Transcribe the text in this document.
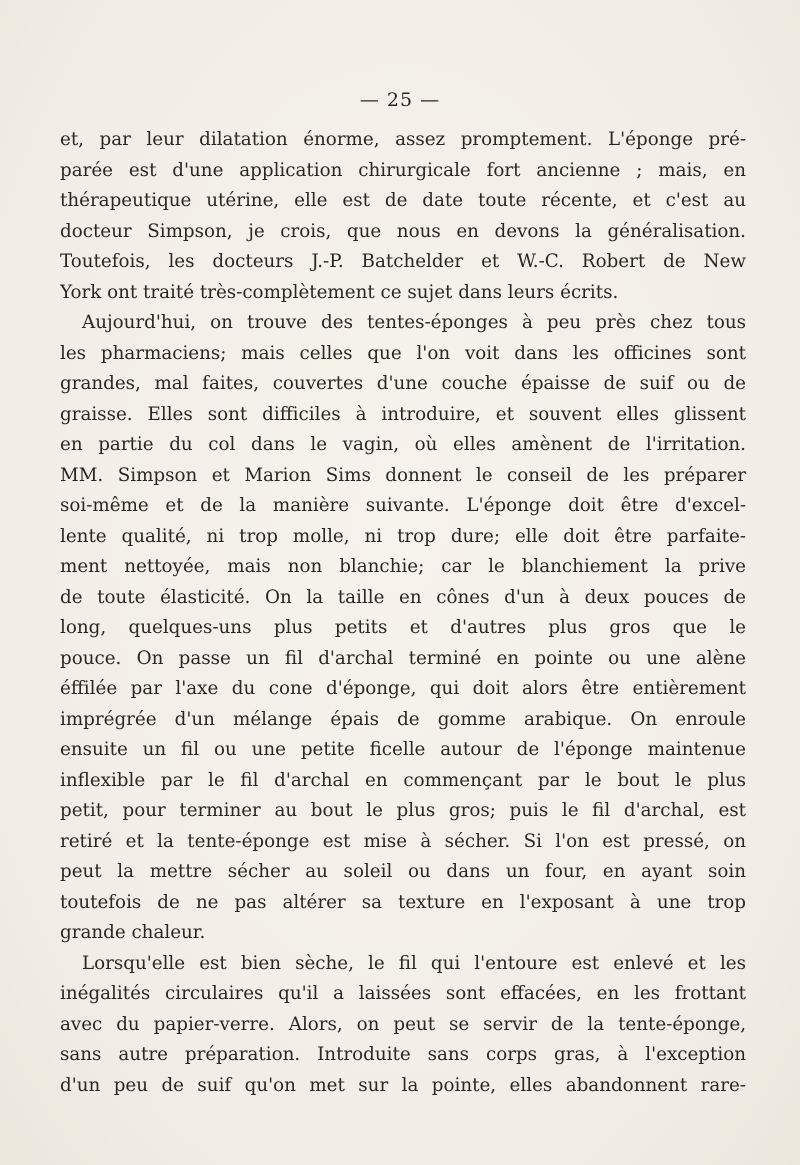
— 25 —
et, par leur dilatation énorme, assez promptement. L'éponge pré-
parée est d'une application chirurgicale fort ancienne ; mais, en
thérapeutique utérine, elle est de date toute récente, et c'est au
docteur Simpson, je crois, que nous en devons la généralisation.
Toutefois, les docteurs J.-P. Batchelder et W.-C. Robert de New
York ont traité très-complètement ce sujet dans leurs écrits.
Aujourd'hui, on trouve des tentes-éponges à peu près chez tous
les pharmaciens; mais celles que l'on voit dans les officines sont
grandes, mal faites, couvertes d'une couche épaisse de suif ou de
graisse. Elles sont difficiles à introduire, et souvent elles glissent
en partie du col dans le vagin, où elles amènent de l'irritation.
MM. Simpson et Marion Sims donnent le conseil de les préparer
soi-même et de la manière suivante. L'éponge doit être d'excel-
lente qualité, ni trop molle, ni trop dure; elle doit être parfaite-
ment nettoyée, mais non blanchie; car le blanchiement la prive
de toute élasticité. On la taille en cônes d'un à deux pouces de
long, quelques-uns plus petits et d'autres plus gros que le
pouce. On passe un fil d'archal terminé en pointe ou une alène
éffilée par l'axe du cone d'éponge, qui doit alors être entièrement
imprégrée d'un mélange épais de gomme arabique. On enroule
ensuite un fil ou une petite ficelle autour de l'éponge maintenue
inflexible par le fil d'archal en commençant par le bout le plus
petit, pour terminer au bout le plus gros; puis le fil d'archal, est
retiré et la tente-éponge est mise à sécher. Si l'on est pressé, on
peut la mettre sécher au soleil ou dans un four, en ayant soin
toutefois de ne pas altérer sa texture en l'exposant à une trop
grande chaleur.
Lorsqu'elle est bien sèche, le fil qui l'entoure est enlevé et les
inégalités circulaires qu'il a laissées sont effacées, en les frottant
avec du papier-verre. Alors, on peut se servir de la tente-éponge,
sans autre préparation. Introduite sans corps gras, à l'exception
d'un peu de suif qu'on met sur la pointe, elles abandonnent rare-
